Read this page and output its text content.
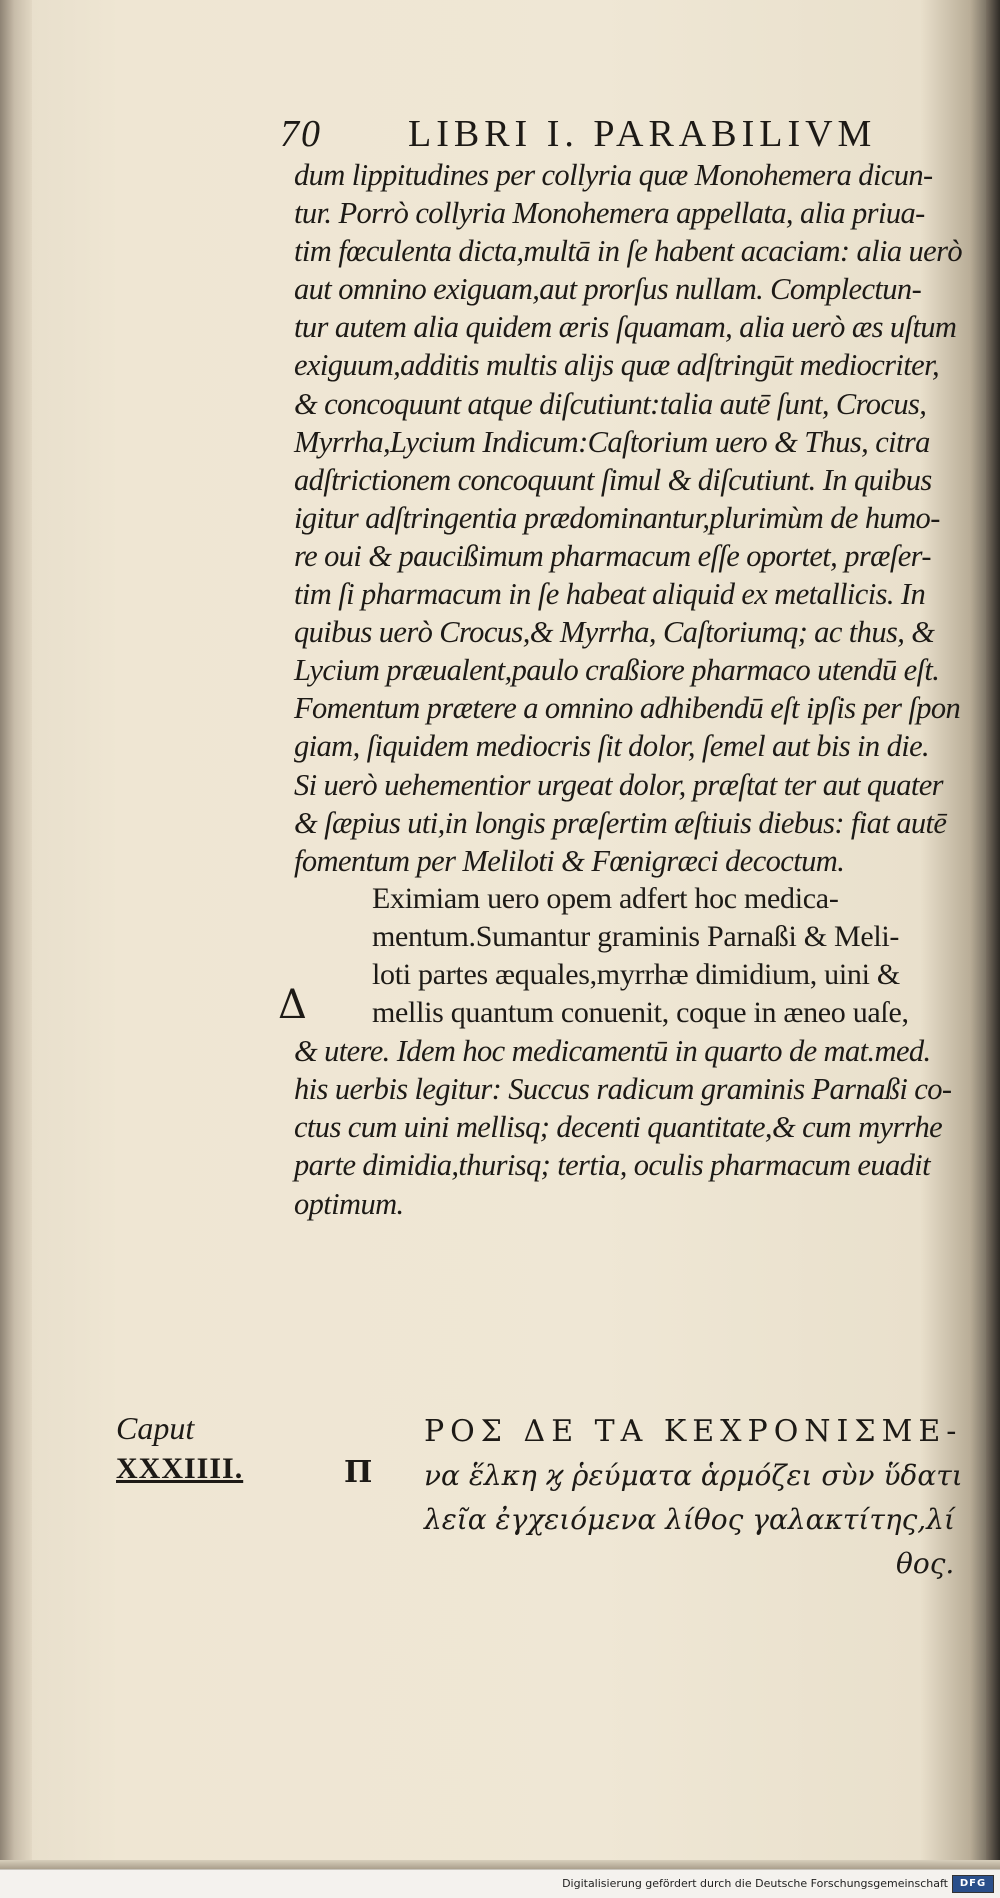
70 LIBRI I. PARABILIVM
dum lippitudines per collyria quæ Monohemera dicun-
tur. Porrò collyria Monohemera appellata, alia priua-
tim fœculenta dicta,multā in ſe habent acaciam: alia uerò
aut omnino exiguam,aut prorſus nullam. Complectun-
tur autem alia quidem æris ſquamam, alia uerò æs uſtum
exiguum,additis multis alijs quæ adſtringūt mediocriter,
& concoquunt atque diſcutiunt:talia autē ſunt, Crocus,
Myrrha,Lycium Indicum:Caſtorium uero & Thus, citra
adſtrictionem concoquunt ſimul & diſcutiunt. In quibus
igitur adſtringentia prædominantur,plurimùm de humo-
re oui & paucißimum pharmacum eſſe oportet, præſer-
tim ſi pharmacum in ſe habeat aliquid ex metallicis. In
quibus uerò Crocus,& Myrrha, Caſtoriumq; ac thus, &
Lycium præualent,paulo craßiore pharmaco utendū eſt.
Fomentum prætere a omnino adhibendū eſt ipſis per ſpon
giam, ſiquidem mediocris ſit dolor, ſemel aut bis in die.
Si uerò uehementior urgeat dolor, præſtat ter aut quater
& ſæpius uti,in longis præſertim æſtiuis diebus: fiat autē
fomentum per Meliloti & Fœnigræci decoctum.
Eximiam uero opem adfert hoc medica-
mentum.Sumantur graminis Parnaßi & Meli-
loti partes æquales,myrrhæ dimidium, uini &
mellis quantum conuenit, coque in æneo uaſe,
& utere. Idem hoc medicamentū in quarto de mat.med.
his uerbis legitur: Succus radicum graminis Parnaßi co-
ctus cum uini mellisq; decenti quantitate,& cum myrrhe
parte dimidia,thurisq; tertia, oculis pharmacum euadit
optimum.
Δ
Caput
XXXIIII.	Π
ΡΟΣ ΔΕ ΤΑ ΚΕΧΡΟΝΙΣΜΕ-
να ἕλκη ϗ ῥεύματα ἁρμόζει σὺν ὕδατι
λεῖα ἐγχειόμενα λίθος γαλακτίτης,λί
θος.
Digitalisierung gefördert durch die Deutsche Forschungsgemeinschaft	DFG
